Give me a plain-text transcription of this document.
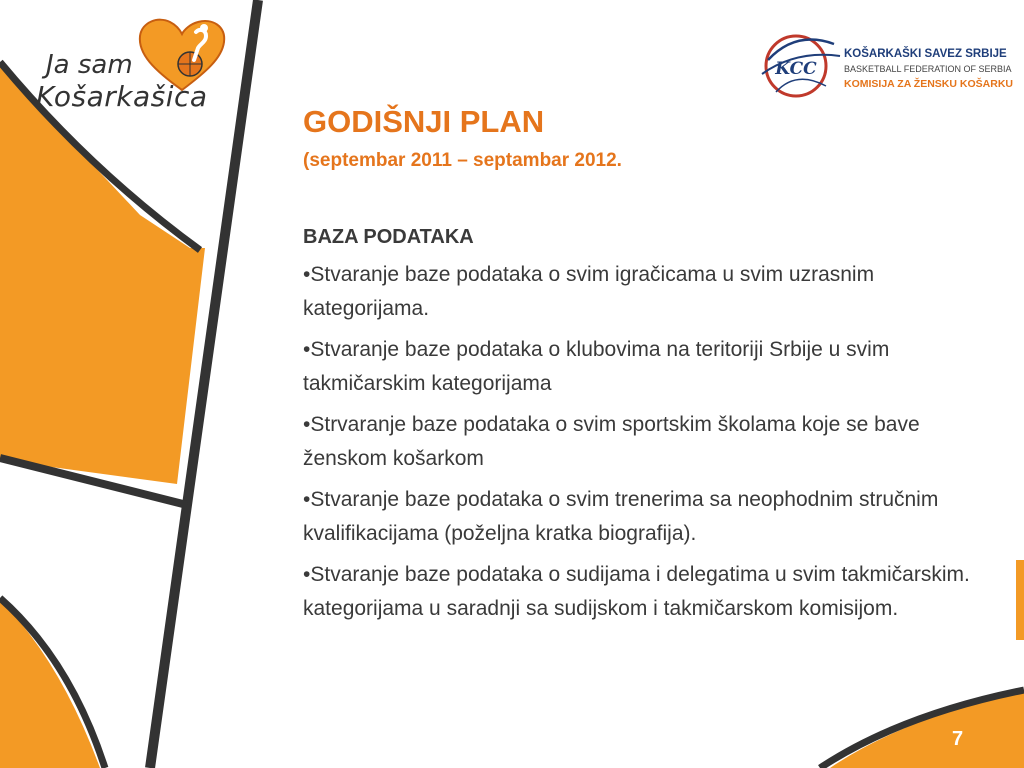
Ja sam
Košarkašica
KCC
KOŠARKAŠKI SAVEZ SRBIJE
BASKETBALL FEDERATION OF SERBIA
KOMISIJA ZA ŽENSKU KOŠARKU
GODIŠNJI PLAN
(septembar 2011 – septambar 2012.

BAZA PODATAKA

•Stvaranje baze podataka o svim igračicama u svim uzrasnim kategorijama.
•Stvaranje baze podataka o klubovima na teritoriji Srbije u svim takmičarskim kategorijama
•Strvaranje baze podataka o svim sportskim školama koje se bave ženskom košarkom
•Stvaranje baze podataka o svim trenerima sa neophodnim stručnim kvalifikacijama (poželjna kratka biografija).
•Stvaranje baze podataka o sudijama i delegatima u svim takmičarskim. kategorijama u saradnji sa sudijskom i takmičarskom komisijom.
7
